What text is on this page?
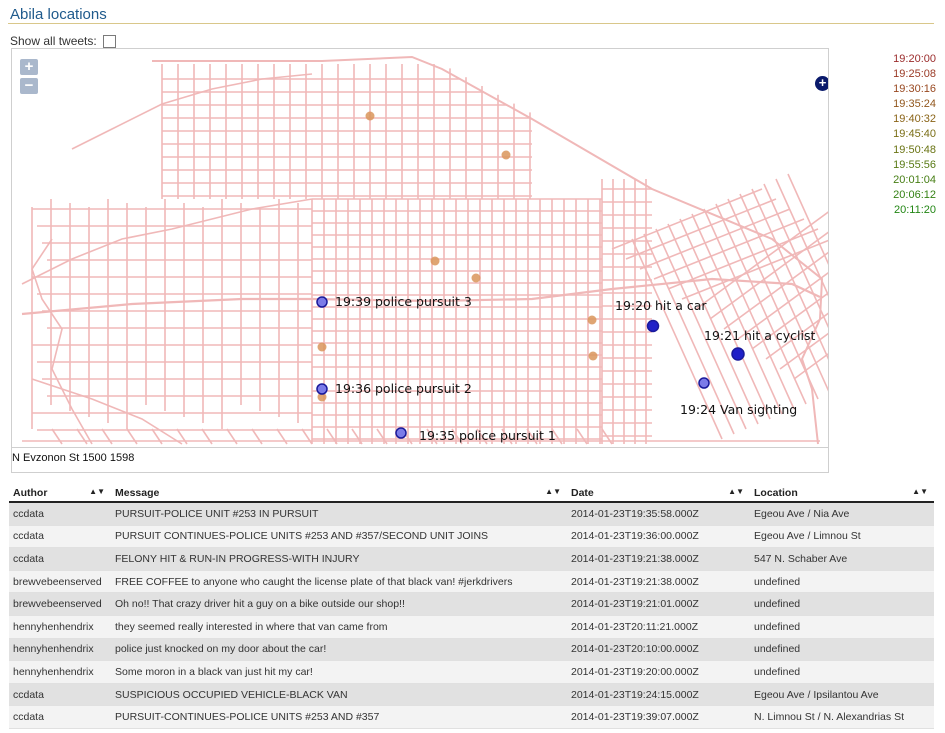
Abila locations
Show all tweets:
19:39 police pursuit 3	19:20 hit a car
19:21 hit a cyclist
19:36 police pursuit 2
19:24 Van sighting
19:35 police pursuit 1
+
−	+
N Evzonon St 1500 1598
19:20:00
19:25:08
19:30:16
19:35:24
19:40:32
19:45:40
19:50:48
19:55:56
20:01:04
20:06:12
20:11:20
Author ▲▼	Message ▲▼	Date ▲▼	Location ▲▼

ccdata	PURSUIT-POLICE UNIT #253 IN PURSUIT	2014-01-23T19:35:58.000Z	Egeou Ave / Nia Ave
ccdata	PURSUIT CONTINUES-POLICE UNITS #253 AND #357/SECOND UNIT JOINS	2014-01-23T19:36:00.000Z	Egeou Ave / Limnou St
ccdata	FELONY HIT & RUN-IN PROGRESS-WITH INJURY	2014-01-23T19:21:38.000Z	547 N. Schaber Ave
brewvebeenserved	FREE COFFEE to anyone who caught the license plate of that black van! #jerkdrivers	2014-01-23T19:21:38.000Z	undefined
brewvebeenserved	Oh no!! That crazy driver hit a guy on a bike outside our shop!!	2014-01-23T19:21:01.000Z	undefined
hennyhenhendrix	they seemed really interested in where that van came from	2014-01-23T20:11:21.000Z	undefined
hennyhenhendrix	police just knocked on my door about the car!	2014-01-23T20:10:00.000Z	undefined
hennyhenhendrix	Some moron in a black van just hit my car!	2014-01-23T19:20:00.000Z	undefined
ccdata	SUSPICIOUS OCCUPIED VEHICLE-BLACK VAN	2014-01-23T19:24:15.000Z	Egeou Ave / Ipsilantou Ave
ccdata	PURSUIT-CONTINUES-POLICE UNITS #253 AND #357	2014-01-23T19:39:07.000Z	N. Limnou St / N. Alexandrias St
